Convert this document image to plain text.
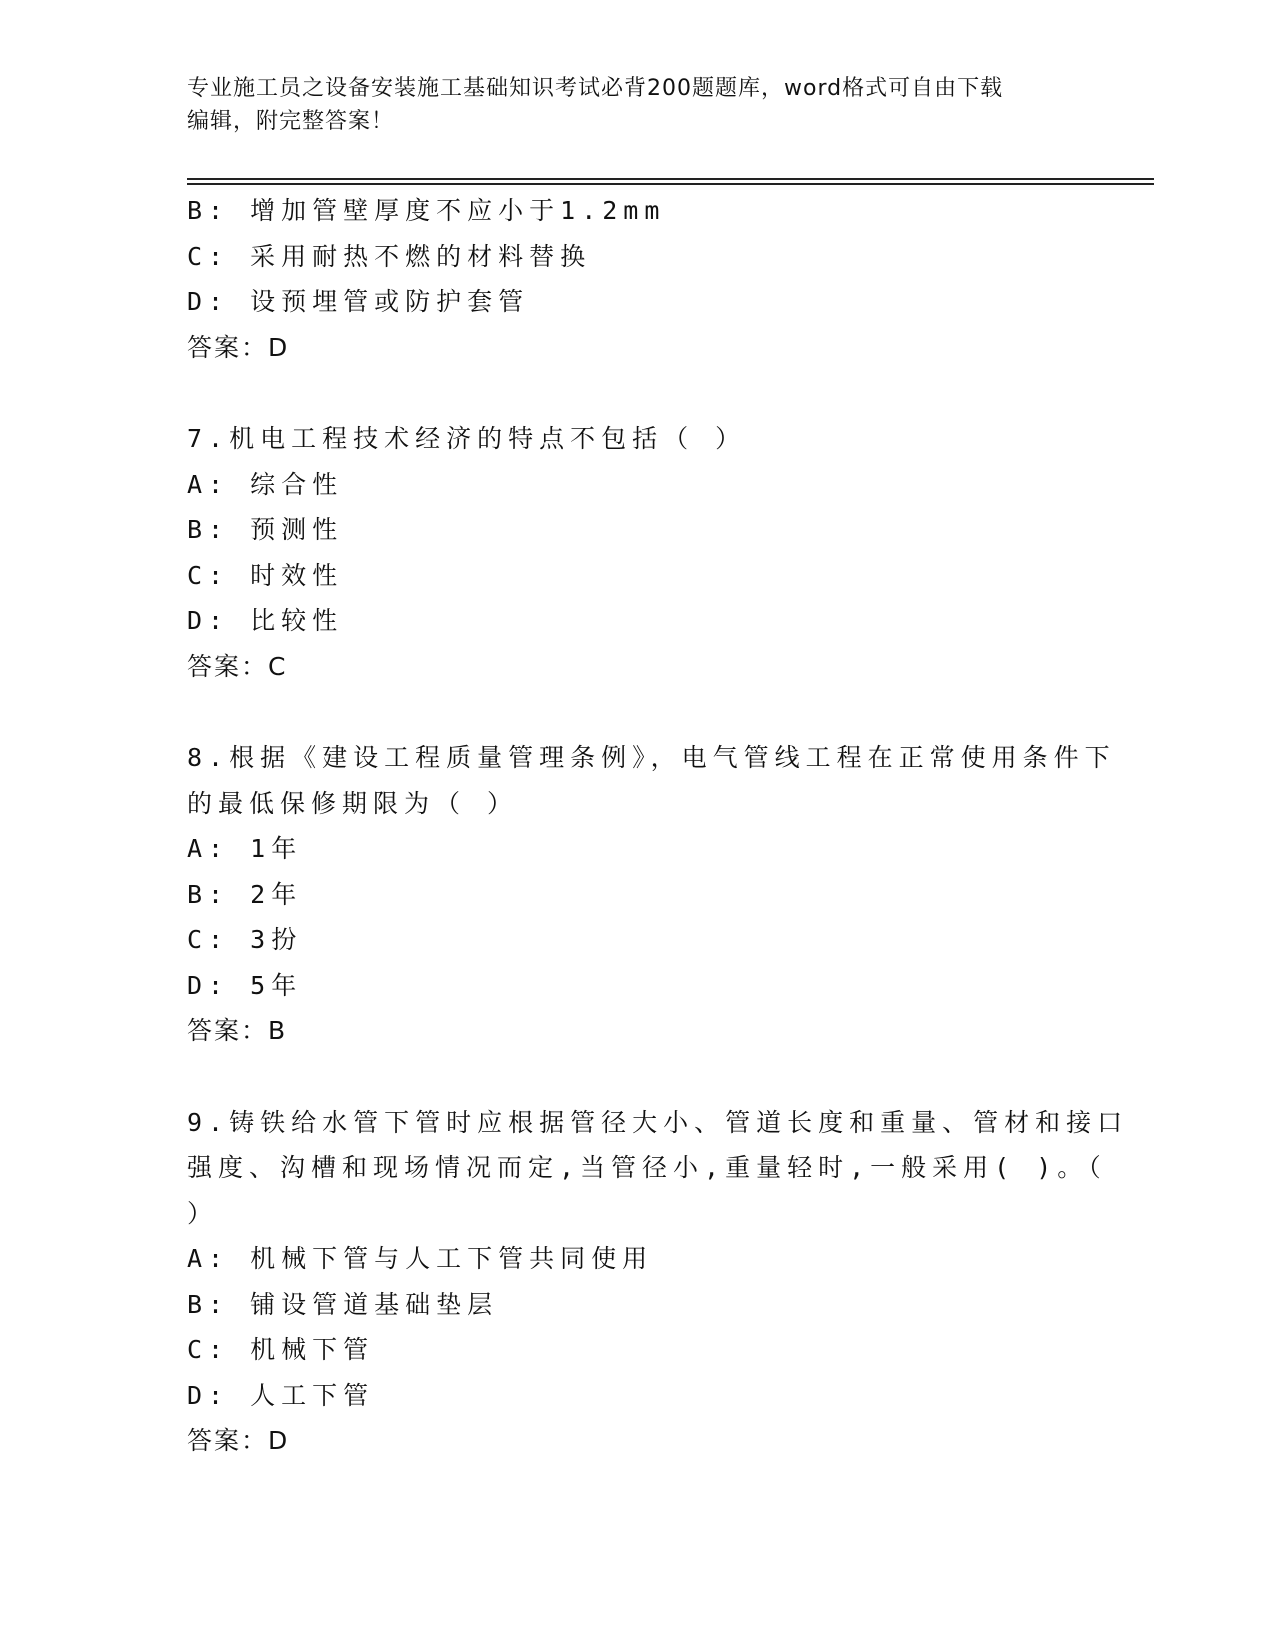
专业施工员之设备安装施工基础知识考试必背200题题库，word格式可自由下载
编辑，附完整答案！
B: 增加管壁厚度不应小于1.2mm
C: 采用耐热不燃的材料替换
D: 设预埋管或防护套管
答案：D
7.机电工程技术经济的特点不包括（ ）
A: 综合性
B: 预测性
C: 时效性
D: 比较性
答案：C
8.根据《建设工程质量管理条例》，电气管线工程在正常使用条件下
的最低保修期限为（ ）
A: 1年
B: 2年
C: 3扮
D: 5年
答案：B
9.铸铁给水管下管时应根据管径大小、管道长度和重量、管材和接口
强度、沟槽和现场情况而定,当管径小,重量轻时,一般采用( )。（
）
A: 机械下管与人工下管共同使用
B: 铺设管道基础垫层
C: 机械下管
D: 人工下管
答案：D
